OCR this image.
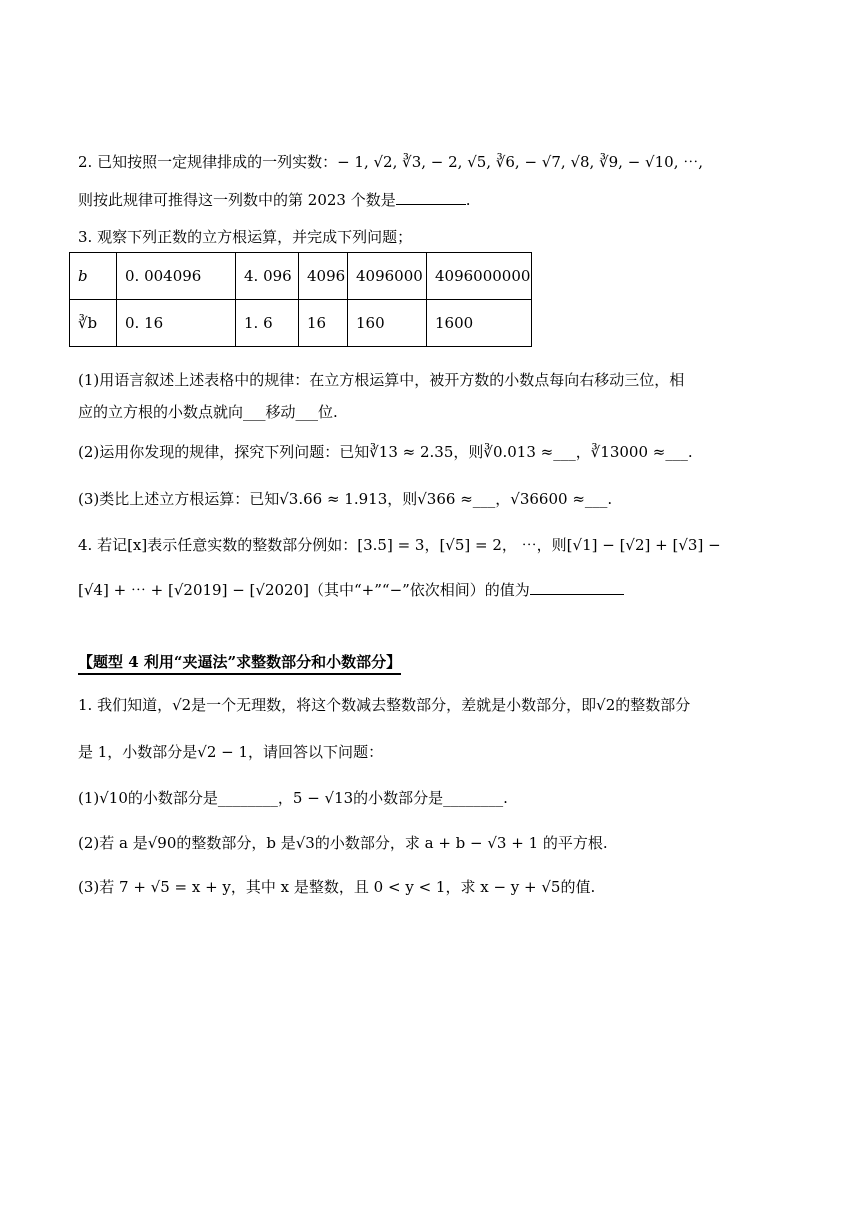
2. 已知按照一定规律排成的一列实数：− 1, √2, ∛3, − 2, √5, ∛6, − √7, √8, ∛9, − √10, ⋯,
则按此规律可推得这一列数中的第 2023 个数是	.
3. 观察下列正数的立方根运算，并完成下列问题；
b	0. 004096	4. 096	4096	4096000	4096000000
∛b	0. 16	1. 6	16	160	1600
(1)用语言叙述上述表格中的规律：在立方根运算中，被开方数的小数点每向右移动三位，相
应的立方根的小数点就向___移动___位.
(2)运用你发现的规律，探究下列问题：已知∛13 ≈ 2.35，则∛0.013 ≈___，∛13000 ≈___.
(3)类比上述立方根运算：已知√3.66 ≈ 1.913，则√366 ≈___，√36600 ≈___.
4. 若记[x]表示任意实数的整数部分例如：[3.5] = 3，[√5] = 2， ⋯，则[√1] − [√2] + [√3] −
[√4] + ⋯ + [√2019] − [√2020]（其中“+”“−”依次相间）的值为
【题型 4 利用“夹逼法”求整数部分和小数部分】
1. 我们知道，√2是一个无理数，将这个数减去整数部分，差就是小数部分，即√2的整数部分
是 1，小数部分是√2 − 1，请回答以下问题：
(1)√10的小数部分是________，5 − √13的小数部分是________.
(2)若 a 是√90的整数部分，b 是√3的小数部分，求 a + b − √3 + 1 的平方根.
(3)若 7 + √5 = x + y，其中 x 是整数，且 0 < y < 1，求 x − y + √5的值.
